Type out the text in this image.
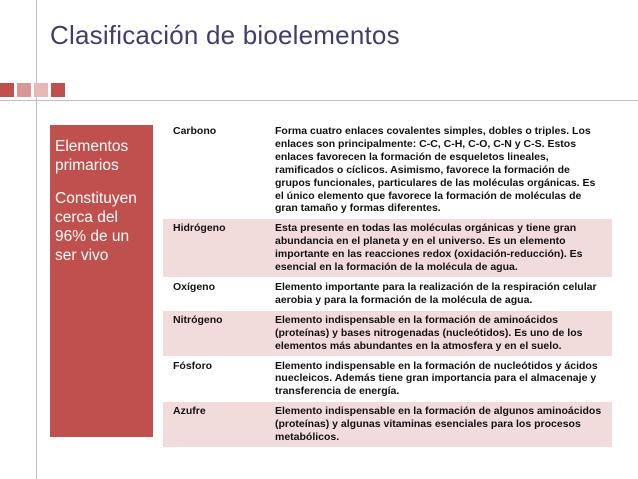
Clasificación de bioelementos
Elementos primarios
Constituyen cerca del 96% de un ser vivo
Carbono	Forma cuatro enlaces covalentes simples, dobles o triples. Los enlaces son principalmente: C-C, C-H, C-O, C-N y C-S. Estos enlaces favorecen la formación de esqueletos lineales, ramificados o cíclicos. Asimismo, favorece la formación de grupos funcionales, particulares de las moléculas orgánicas. Es el único elemento que favorece la formación de moléculas de gran tamaño y formas diferentes.
Hidrógeno	Esta presente en todas las moléculas orgánicas y tiene gran abundancia en el planeta y en el universo. Es un elemento importante en las reacciones redox (oxidación-reducción). Es esencial en la formación de la molécula de agua.
Oxígeno	Elemento importante para la realización de la respiración celular aerobia y para la formación de la molécula de agua.
Nitrógeno	Elemento indispensable en la formación de aminoácidos (proteínas) y bases nitrogenadas (nucleótidos). Es uno de los elementos más abundantes en la atmosfera y en el suelo.
Fósforo	Elemento indispensable en la formación de nucleótidos y ácidos nuecleicos. Además tiene gran importancia para el almacenaje y transferencia de energía.
Azufre	Elemento indispensable en la formación de algunos aminoácidos (proteínas) y algunas vitaminas esenciales para los procesos metabólicos.
